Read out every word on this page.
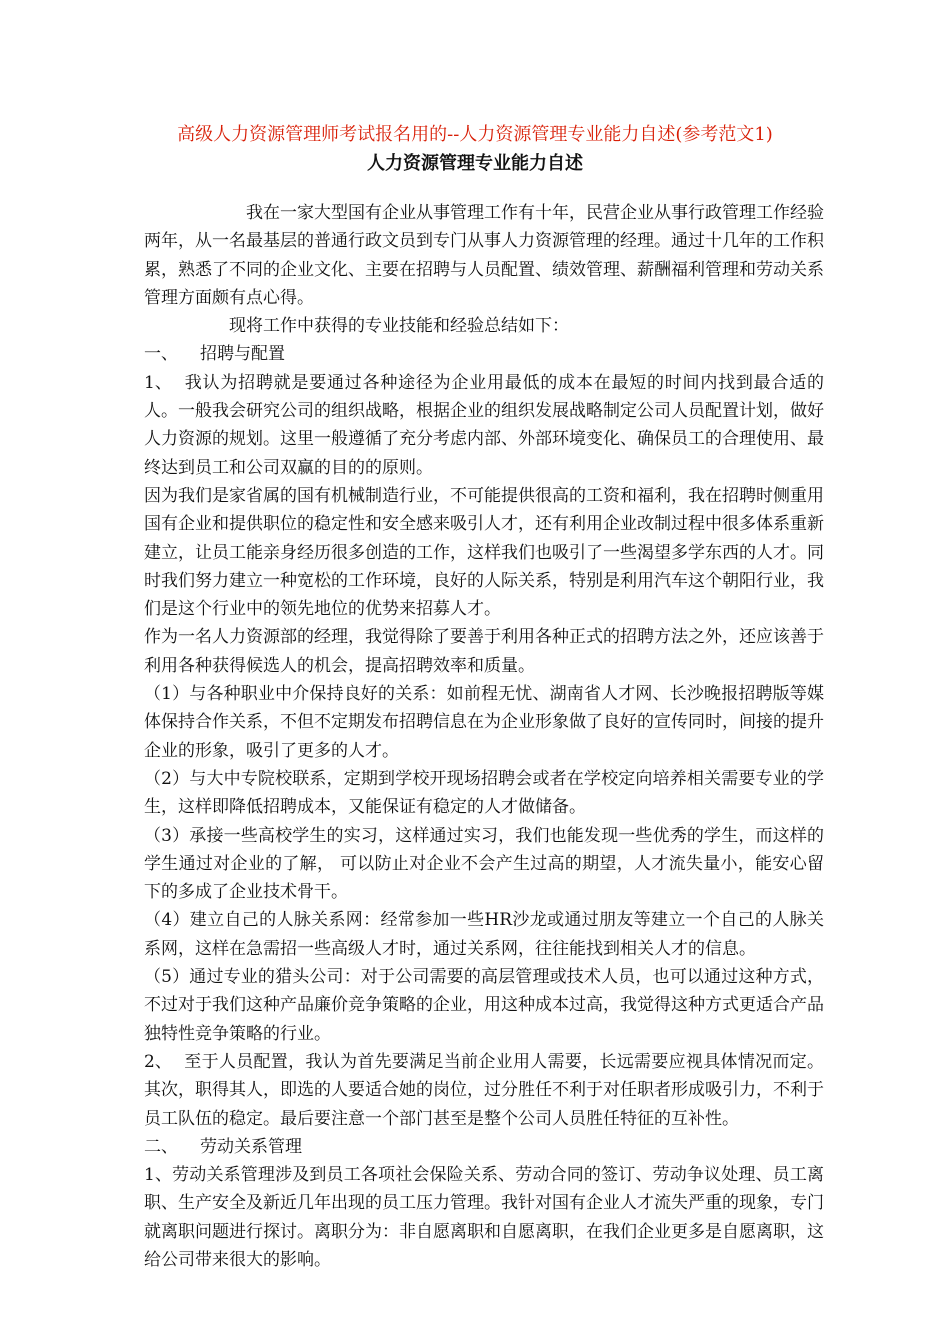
高级人力资源管理师考试报名用的--人力资源管理专业能力自述(参考范文1)
人力资源管理专业能力自述

我在一家大型国有企业从事管理工作有十年，民营企业从事行政管理工作经验两年，从一名最基层的普通行政文员到专门从事人力资源管理的经理。通过十几年的工作积累，熟悉了不同的企业文化、主要在招聘与人员配置、绩效管理、薪酬福利管理和劳动关系管理方面颇有点心得。

现将工作中获得的专业技能和经验总结如下：

一、 招聘与配置

1、 我认为招聘就是要通过各种途径为企业用最低的成本在最短的时间内找到最合适的人。一般我会研究公司的组织战略，根据企业的组织发展战略制定公司人员配置计划，做好人力资源的规划。这里一般遵循了充分考虑内部、外部环境变化、确保员工的合理使用、最终达到员工和公司双赢的目的的原则。

因为我们是家省属的国有机械制造行业，不可能提供很高的工资和福利，我在招聘时侧重用国有企业和提供职位的稳定性和安全感来吸引人才，还有利用企业改制过程中很多体系重新建立，让员工能亲身经历很多创造的工作，这样我们也吸引了一些渴望多学东西的人才。同时我们努力建立一种宽松的工作环境，良好的人际关系，特别是利用汽车这个朝阳行业，我们是这个行业中的领先地位的优势来招募人才。

作为一名人力资源部的经理，我觉得除了要善于利用各种正式的招聘方法之外，还应该善于利用各种获得候选人的机会，提高招聘效率和质量。

（1）与各种职业中介保持良好的关系：如前程无忧、湖南省人才网、长沙晚报招聘版等媒体保持合作关系，不但不定期发布招聘信息在为企业形象做了良好的宣传同时，间接的提升企业的形象，吸引了更多的人才。

（2）与大中专院校联系，定期到学校开现场招聘会或者在学校定向培养相关需要专业的学生，这样即降低招聘成本，又能保证有稳定的人才做储备。

（3）承接一些高校学生的实习，这样通过实习，我们也能发现一些优秀的学生，而这样的学生通过对企业的了解， 可以防止对企业不会产生过高的期望，人才流失量小，能安心留下的多成了企业技术骨干。

（4）建立自己的人脉关系网：经常参加一些HR沙龙或通过朋友等建立一个自己的人脉关系网，这样在急需招一些高级人才时，通过关系网，往往能找到相关人才的信息。

（5）通过专业的猎头公司：对于公司需要的高层管理或技术人员，也可以通过这种方式，不过对于我们这种产品廉价竞争策略的企业，用这种成本过高，我觉得这种方式更适合产品独特性竞争策略的行业。

2、 至于人员配置，我认为首先要满足当前企业用人需要，长远需要应视具体情况而定。其次，职得其人，即选的人要适合她的岗位，过分胜任不利于对任职者形成吸引力，不利于员工队伍的稳定。最后要注意一个部门甚至是整个公司人员胜任特征的互补性。

二、 劳动关系管理

1、劳动关系管理涉及到员工各项社会保险关系、劳动合同的签订、劳动争议处理、员工离职、生产安全及新近几年出现的员工压力管理。我针对国有企业人才流失严重的现象，专门就离职问题进行探讨。离职分为：非自愿离职和自愿离职，在我们企业更多是自愿离职，这给公司带来很大的影响。
